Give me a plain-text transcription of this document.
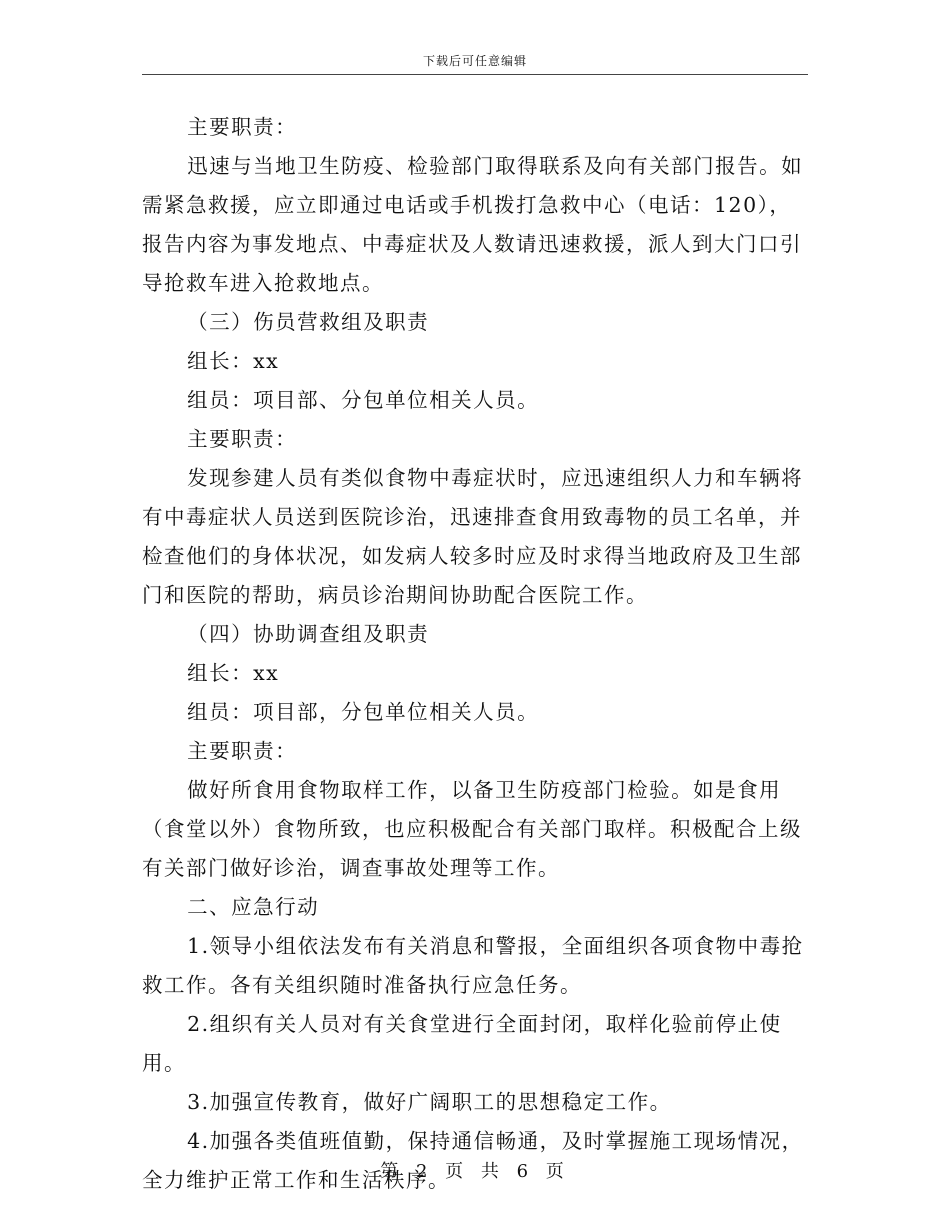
下载后可任意编辑

主要职责：

迅速与当地卫生防疫、检验部门取得联系及向有关部门报告。如需紧急救援，应立即通过电话或手机拨打急救中心（电话：120），报告内容为事发地点、中毒症状及人数请迅速救援，派人到大门口引导抢救车进入抢救地点。

（三）伤员营救组及职责

组长：xx

组员：项目部、分包单位相关人员。

主要职责：

发现参建人员有类似食物中毒症状时，应迅速组织人力和车辆将有中毒症状人员送到医院诊治，迅速排查食用致毒物的员工名单，并检查他们的身体状况，如发病人较多时应及时求得当地政府及卫生部门和医院的帮助，病员诊治期间协助配合医院工作。

（四）协助调查组及职责

组长：xx

组员：项目部，分包单位相关人员。

主要职责：

做好所食用食物取样工作，以备卫生防疫部门检验。如是食用（食堂以外）食物所致，也应积极配合有关部门取样。积极配合上级有关部门做好诊治，调查事故处理等工作。

二、应急行动

1.领导小组依法发布有关消息和警报，全面组织各项食物中毒抢救工作。各有关组织随时准备执行应急任务。

2.组织有关人员对有关食堂进行全面封闭，取样化验前停止使用。

3.加强宣传教育，做好广阔职工的思想稳定工作。

4.加强各类值班值勤，保持通信畅通，及时掌握施工现场情况，全力维护正常工作和生活秩序。

第 2 页 共 6 页
